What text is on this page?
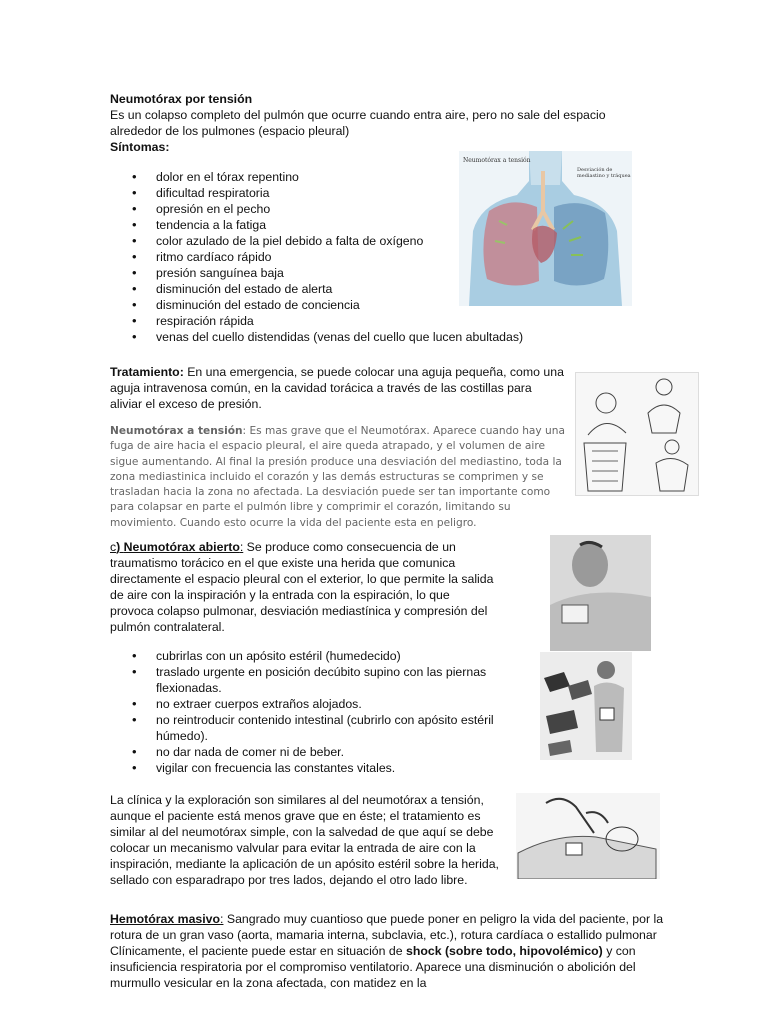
Neumotórax por tensión

Es un colapso completo del pulmón que ocurre cuando entra aire, pero no sale del espacio alrededor de los pulmones (espacio pleural)

Síntomas:

• dolor en el tórax repentino
• dificultad respiratoria
• opresión en el pecho
• tendencia a la fatiga
• color azulado de la piel debido a falta de oxígeno
• ritmo cardíaco rápido
• presión sanguínea baja
• disminución del estado de alerta
• disminución del estado de conciencia
• respiración rápida
• venas del cuello distendidas (venas del cuello que lucen abultadas)
Neumotórax a tensión
Desviación de mediastino y tráquea

Tratamiento: En una emergencia, se puede colocar una aguja pequeña, como una aguja intravenosa común, en la cavidad torácica a través de las costillas para aliviar el exceso de presión.

Neumotórax a tensión: Es mas grave que el Neumotórax. Aparece cuando hay una fuga de aire hacia el espacio pleural, el aire queda atrapado, y el volumen de aire sigue aumentando. Al final la presión produce una desviación del mediastino, toda la zona mediastinica incluido el corazón y las demás estructuras se comprimen y se trasladan hacia la zona no afectada. La desviación puede ser tan importante como para colapsar en parte el pulmón libre y comprimir el corazón, limitando su movimiento. Cuando esto ocurre la vida del paciente esta en peligro.

c) Neumotórax abierto: Se produce como consecuencia de un traumatismo torácico en el que existe una herida que comunica directamente el espacio pleural con el exterior, lo que permite la salida de aire con la inspiración y la entrada con la espiración, lo que provoca colapso pulmonar, desviación mediastínica y compresión del pulmón contralateral.

• cubrirlas con un apósito estéril (humedecido)
• traslado urgente en posición decúbito supino con las piernas flexionadas.
• no extraer cuerpos extraños alojados.
• no reintroducir contenido intestinal (cubrirlo con apósito estéril húmedo).
• no dar nada de comer ni de beber.
• vigilar con frecuencia las constantes vitales.

La clínica y la exploración son similares al del neumotórax a tensión, aunque el paciente está menos grave que en éste; el tratamiento es similar al del neumotórax simple, con la salvedad de que aquí se debe colocar un mecanismo valvular para evitar la entrada de aire con la inspiración, mediante la aplicación de un apósito estéril sobre la herida, sellado con esparadrapo por tres lados, dejando el otro lado libre.

Hemotórax masivo: Sangrado muy cuantioso que puede poner en peligro la vida del paciente, por la rotura de un gran vaso (aorta, mamaria interna, subclavia, etc.), rotura cardíaca o estallido pulmonar Clínicamente, el paciente puede estar en situación de shock (sobre todo, hipovolémico) y con insuficiencia respiratoria por el compromiso ventilatorio. Aparece una disminución o abolición del murmullo vesicular en la zona afectada, con matidez en la
